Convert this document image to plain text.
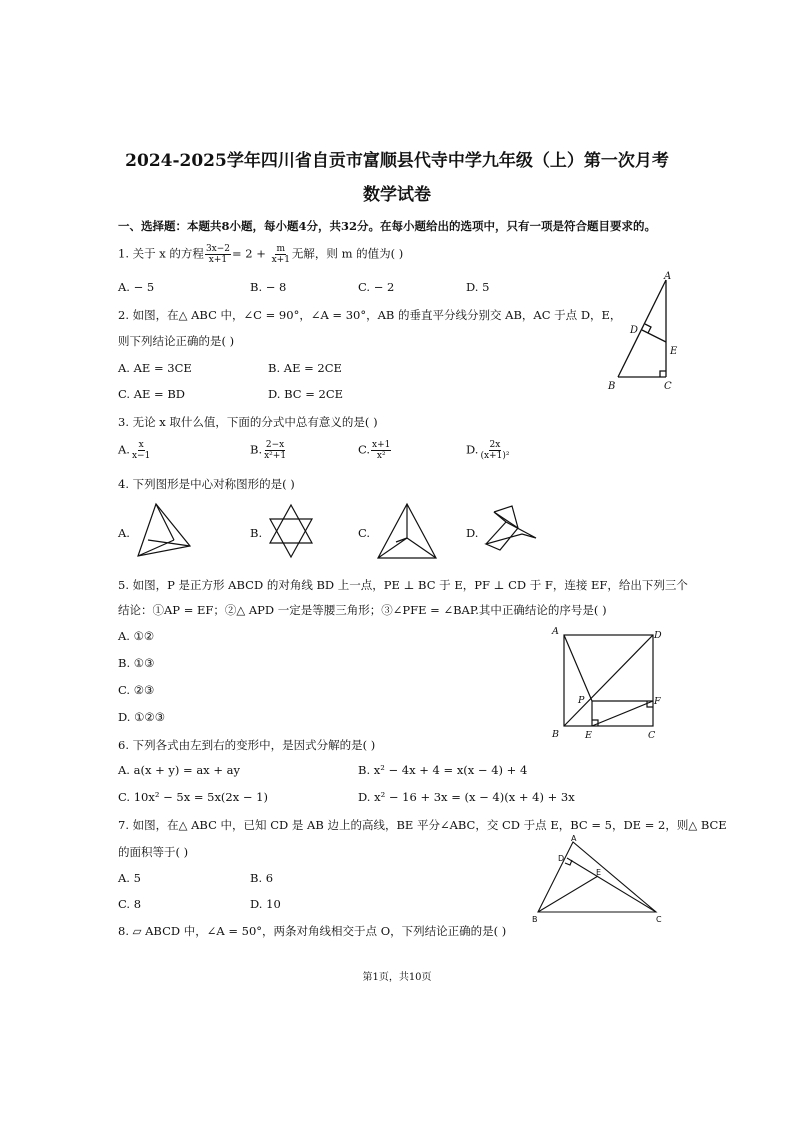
2024-2025学年四川省自贡市富顺县代寺中学九年级（上）第一次月考
数学试卷
一、选择题：本题共8小题，每小题4分，共32分。在每小题给出的选项中，只有一项是符合题目要求的。
1. 关于 x 的方程 $\frac{3x-2}{x+1} = 2 + \frac{m}{x+1}$ 无解，则 m 的值为( )
A. − 5	B. − 8	C. − 2	D. 5
2. 如图，在△ ABC 中，∠C = 90°，∠A = 30°，AB 的垂直平分线分别交 AB，AC 于点 D，E，
则下列结论正确的是( )
A. AE = 3CE	B. AE = 2CE
C. AE = BD	D. BC = 2CE
A
D
E
B	C
3. 无论 x 取什么值，下面的分式中总有意义的是( )
A. $\frac{x}{x-1}$	B. $\frac{2-x}{\text{x²+1}}$	C. $\frac{x+1}{\text{x²}}$	D. $\frac{2x}{\text{(x+1)²}}$
4. 下列图形是中心对称图形的是( )
A.	B.	C.	D.
5. 如图，P 是正方形 ABCD 的对角线 BD 上一点，PE ⊥ BC 于 E，PF ⊥ CD 于 F，连接 EF，给出下列三个
结论：①AP = EF；②△ APD 一定是等腰三角形；③∠PFE = ∠BAP.其中正确结论的序号是( )
A. ①②
B. ①③
C. ②③
D. ①②③
A	D
P	F
B	E	C
6. 下列各式由左到右的变形中，是因式分解的是( )
A. a(x + y) = ax + ay	B. x² − 4x + 4 = x(x − 4) + 4
C. 10x² − 5x = 5x(2x − 1)	D. x² − 16 + 3x = (x − 4)(x + 4) + 3x
7. 如图，在△ ABC 中，已知 CD 是 AB 边上的高线，BE 平分∠ABC，交 CD 于点 E，BC = 5，DE = 2，则△ BCE
的面积等于( )
A. 5	B. 6
C. 8	D. 10
A
D
E
B	C
8. ▱ ABCD 中，∠A = 50°，两条对角线相交于点 O，下列结论正确的是( )
第1页，共10页
